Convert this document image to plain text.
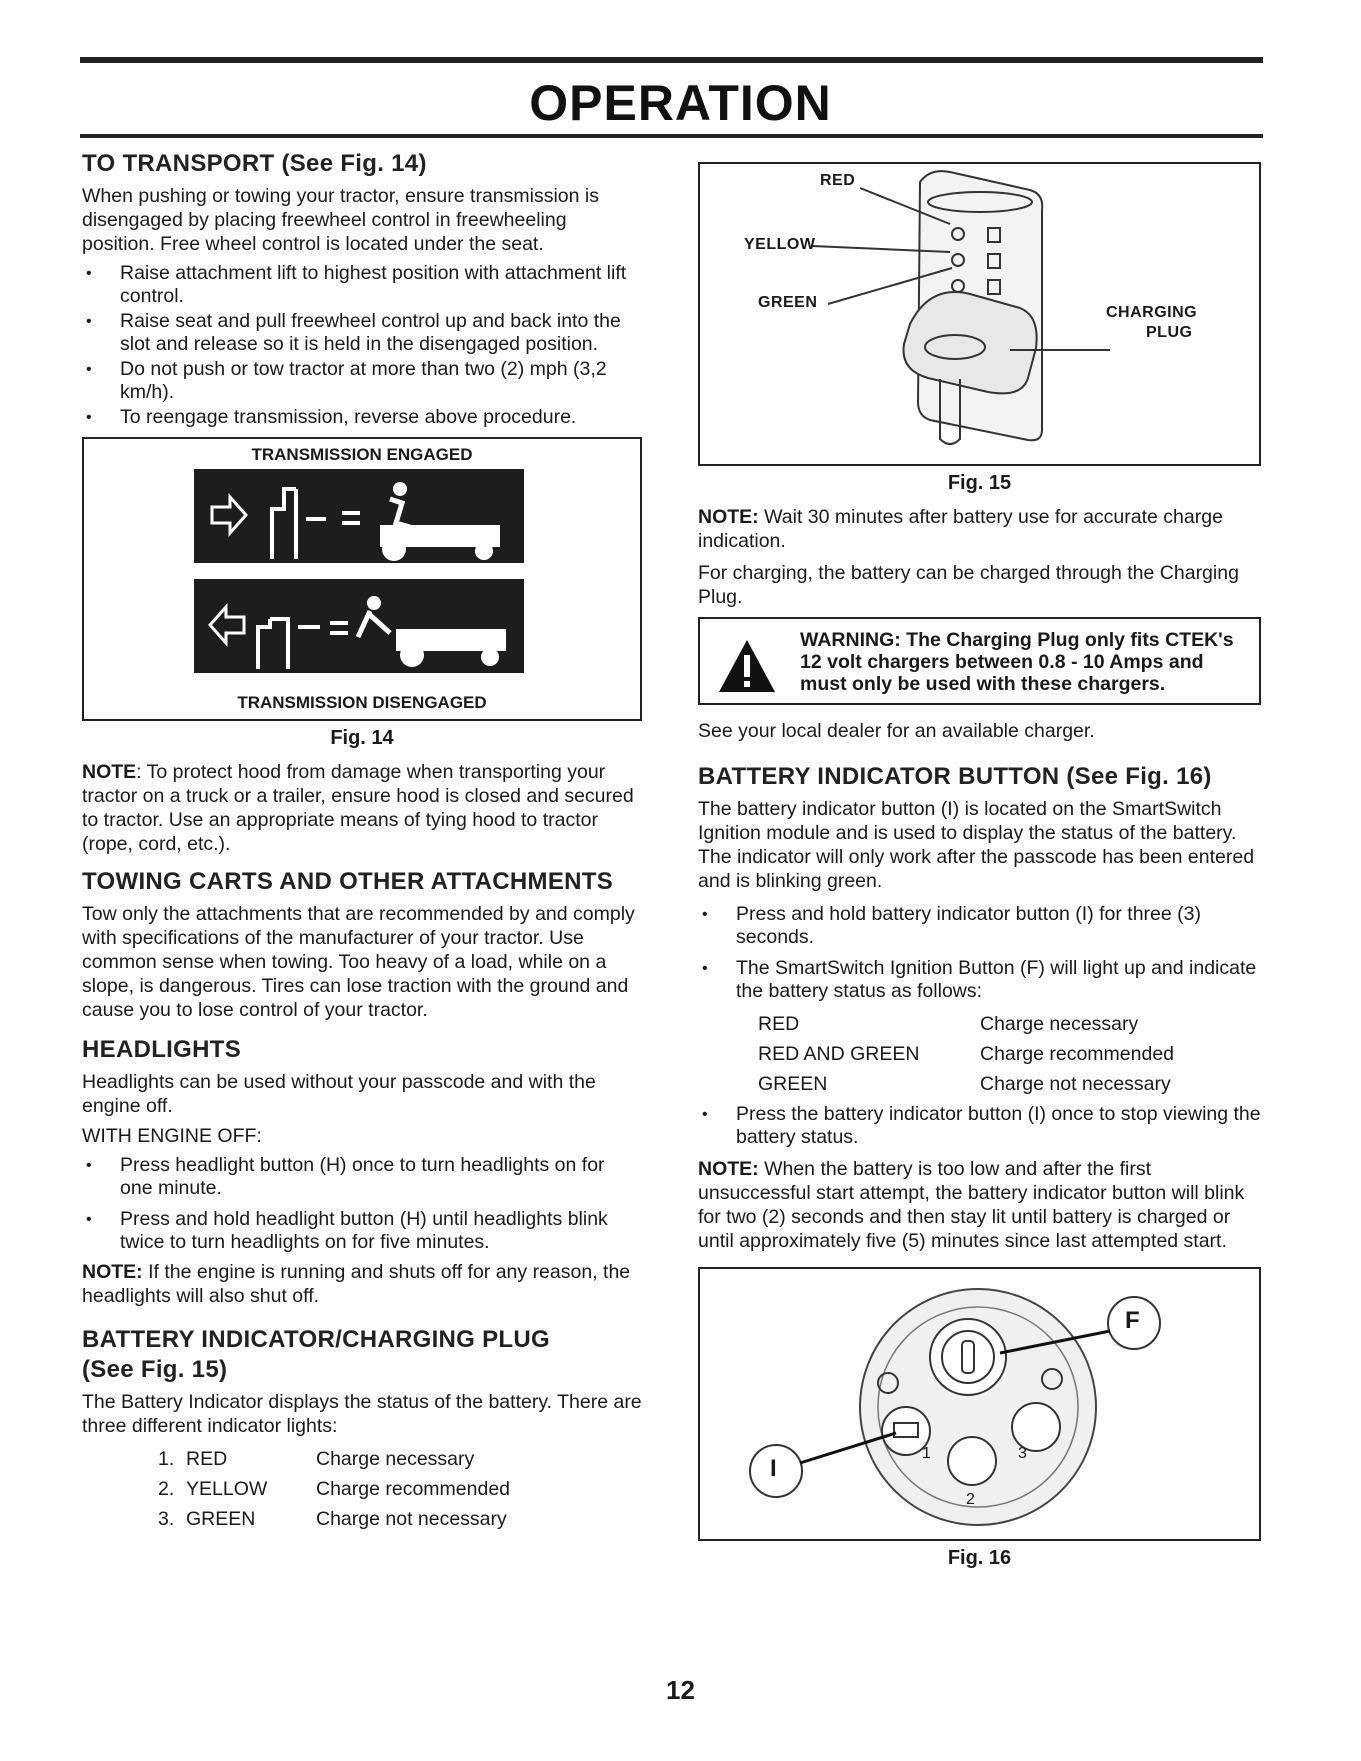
OPERATION
TO TRANSPORT (See Fig. 14)

When pushing or towing your tractor, ensure transmission is disengaged by placing freewheel control in freewheeling position. Free wheel control is located under the seat.

• Raise attachment lift to highest position with attachment lift control.
• Raise seat and pull freewheel control up and back into the slot and release so it is held in the disengaged position.
• Do not push or tow tractor at more than two (2) mph (3,2 km/h).
• To reengage transmission, reverse above procedure.
TRANSMISSION ENGAGED
TRANSMISSION DISENGAGED
Fig. 14

NOTE: To protect hood from damage when transporting your tractor on a truck or a trailer, ensure hood is closed and secured to tractor. Use an appropriate means of tying hood to tractor (rope, cord, etc.).

TOWING CARTS AND OTHER ATTACHMENTS

Tow only the attachments that are recommended by and comply with specifications of the manufacturer of your tractor. Use common sense when towing. Too heavy of a load, while on a slope, is dangerous. Tires can lose traction with the ground and cause you to lose control of your tractor.

HEADLIGHTS

Headlights can be used without your passcode and with the engine off.

WITH ENGINE OFF:

• Press headlight button (H) once to turn headlights on for one minute.
• Press and hold headlight button (H) until headlights blink twice to turn headlights on for five minutes.

NOTE: If the engine is running and shuts off for any reason, the headlights will also shut off.

BATTERY INDICATOR/CHARGING PLUG
(See Fig. 15)

The Battery Indicator displays the status of the battery. There are three different indicator lights:

1.	RED	Charge necessary
2.	YELLOW	Charge recommended
3.	GREEN	Charge not necessary
RED
YELLOW
GREEN
CHARGING
PLUG
Fig. 15

NOTE: Wait 30 minutes after battery use for accurate charge indication.

For charging, the battery can be charged through the Charging Plug.

WARNING: The Charging Plug only fits CTEK's 12 volt chargers between 0.8 - 10 Amps and must only be used with these chargers.

See your local dealer for an available charger.

BATTERY INDICATOR BUTTON (See Fig. 16)

The battery indicator button (I) is located on the SmartSwitch Ignition module and is used to display the status of the battery. The indicator will only work after the passcode has been entered and is blinking green.

• Press and hold battery indicator button (I) for three (3) seconds.
• The SmartSwitch Ignition Button (F) will light up and indicate the battery status as follows:
RED	Charge necessary
RED AND GREEN	Charge recommended
GREEN	Charge not necessary
• Press the battery indicator button (I) once to stop viewing the battery status.

NOTE: When the battery is too low and after the first unsuccessful start attempt, the battery indicator button will blink for two (2) seconds and then stay lit until battery is charged or until approximately five (5) minutes since last attempted start.

F
I
1
2
3
Fig. 16
12
